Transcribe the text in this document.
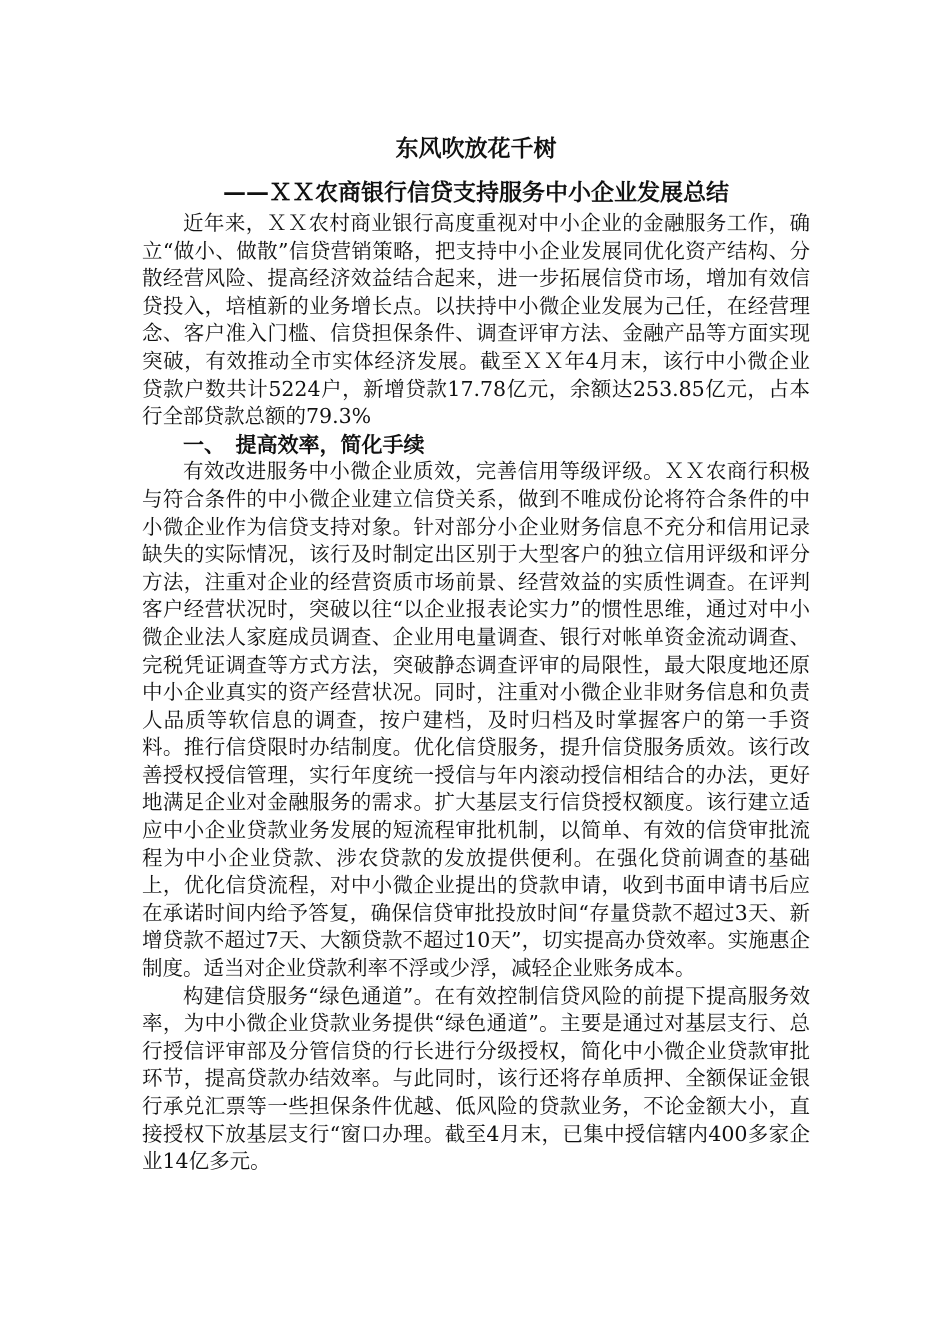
东风吹放花千树
——ＸＸ农商银行信贷支持服务中小企业发展总结

近年来，ＸＸ农村商业银行高度重视对中小企业的金融服务工作，确立“做小、做散”信贷营销策略，把支持中小企业发展同优化资产结构、分散经营风险、提高经济效益结合起来，进一步拓展信贷市场，增加有效信贷投入，培植新的业务增长点。以扶持中小微企业发展为己任，在经营理念、客户准入门槛、信贷担保条件、调查评审方法、金融产品等方面实现突破，有效推动全市实体经济发展。截至ＸＸ年4月末，该行中小微企业贷款户数共计5224户，新增贷款17.78亿元，余额达253.85亿元，占本行全部贷款总额的79.3%

一、　提高效率，简化手续

有效改进服务中小微企业质效，完善信用等级评级。ＸＸ农商行积极与符合条件的中小微企业建立信贷关系，做到不唯成份论将符合条件的中小微企业作为信贷支持对象。针对部分小企业财务信息不充分和信用记录缺失的实际情况，该行及时制定出区别于大型客户的独立信用评级和评分方法，注重对企业的经营资质市场前景、经营效益的实质性调查。在评判客户经营状况时，突破以往“以企业报表论实力”的惯性思维，通过对中小微企业法人家庭成员调查、企业用电量调查、银行对帐单资金流动调查、完税凭证调查等方式方法，突破静态调查评审的局限性，最大限度地还原中小企业真实的资产经营状况。同时，注重对小微企业非财务信息和负责人品质等软信息的调查，按户建档，及时归档及时掌握客户的第一手资料。推行信贷限时办结制度。优化信贷服务，提升信贷服务质效。该行改善授权授信管理，实行年度统一授信与年内滚动授信相结合的办法，更好地满足企业对金融服务的需求。扩大基层支行信贷授权额度。该行建立适应中小企业贷款业务发展的短流程审批机制，以简单、有效的信贷审批流程为中小企业贷款、涉农贷款的发放提供便利。在强化贷前调查的基础上，优化信贷流程，对中小微企业提出的贷款申请，收到书面申请书后应在承诺时间内给予答复，确保信贷审批投放时间“存量贷款不超过3天、新增贷款不超过7天、大额贷款不超过10天”，切实提高办贷效率。实施惠企制度。适当对企业贷款利率不浮或少浮，减轻企业账务成本。

构建信贷服务“绿色通道”。在有效控制信贷风险的前提下提高服务效率，为中小微企业贷款业务提供“绿色通道”。主要是通过对基层支行、总行授信评审部及分管信贷的行长进行分级授权，简化中小微企业贷款审批环节，提高贷款办结效率。与此同时，该行还将存单质押、全额保证金银行承兑汇票等一些担保条件优越、低风险的贷款业务，不论金额大小，直接授权下放基层支行“窗口办理。截至4月末，已集中授信辖内400多家企业14亿多元。
